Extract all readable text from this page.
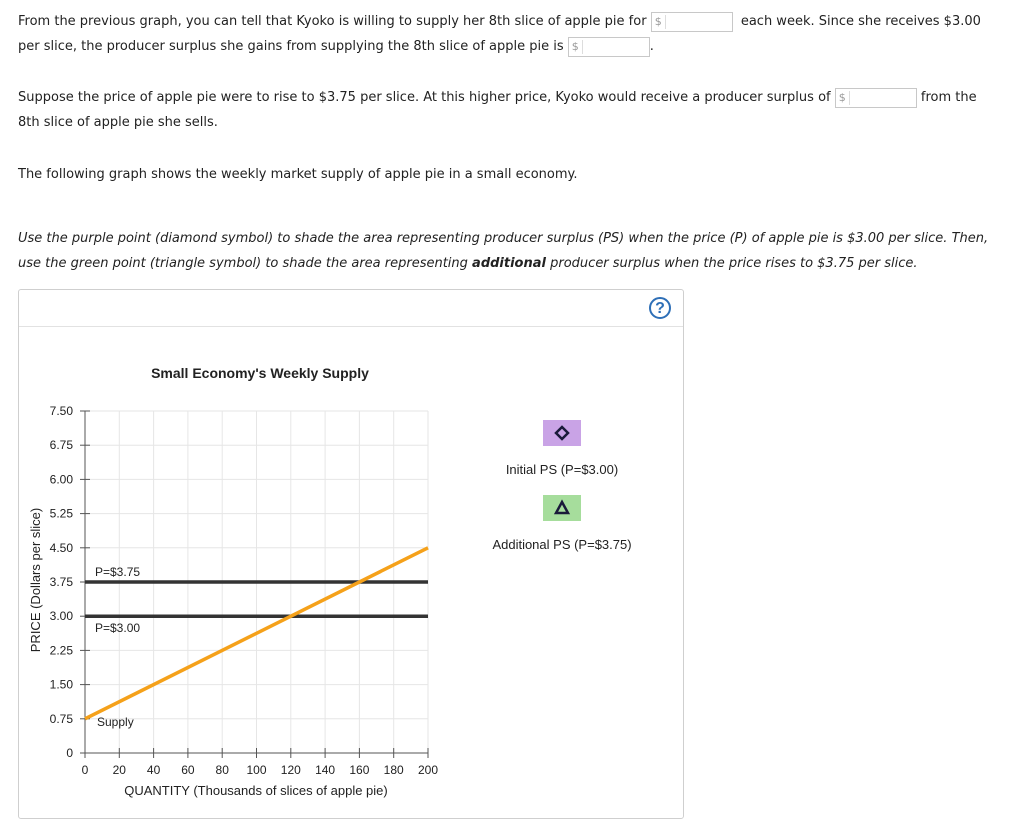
From the previous graph, you can tell that Kyoko is willing to supply her 8th slice of apple pie for $	each week. Since she receives $3.00
per slice, the producer surplus she gains from supplying the 8th slice of apple pie is $	.
Suppose the price of apple pie were to rise to $3.75 per slice. At this higher price, Kyoko would receive a producer surplus of $	from the
8th slice of apple pie she sells.
The following graph shows the weekly market supply of apple pie in a small economy.
Use the purple point (diamond symbol) to shade the area representing producer surplus (PS) when the price (P) of apple pie is $3.00 per slice. Then,
use the green point (triangle symbol) to shade the area representing additional producer surplus when the price rises to $3.75 per slice.
?
Small Economy's Weekly Supply
0
0.75
1.50
2.25
3.00
3.75
4.50
5.25
6.00
6.75
7.50
0 20 40 60 80 100 120 140 160 180 200
P=$3.75
P=$3.00
Supply
QUANTITY (Thousands of slices of apple pie)
PRICE (Dollars per slice)
Initial PS (P=$3.00)
Additional PS (P=$3.75)
